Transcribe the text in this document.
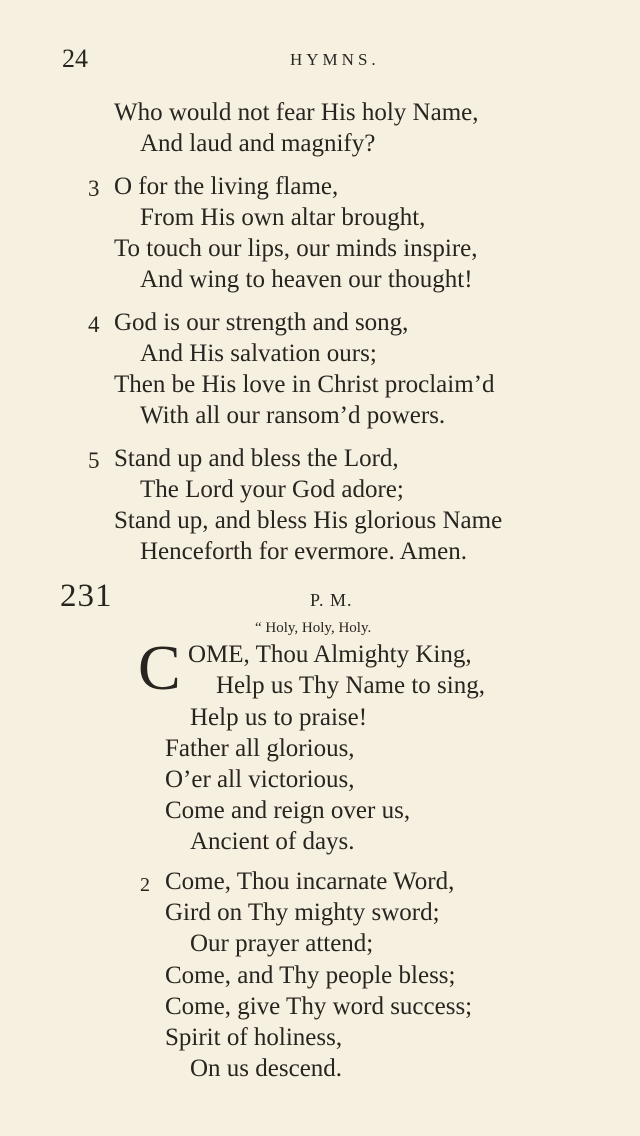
24	HYMNS.
Who would not fear His holy Name,
And laud and magnify?
3 O for the living flame,
From His own altar brought,
To touch our lips, our minds inspire,
And wing to heaven our thought!
4 God is our strength and song,
And His salvation ours;
Then be His love in Christ proclaim’d
With all our ransom’d powers.
5 Stand up and bless the Lord,
The Lord your God adore;
Stand up, and bless His glorious Name
Henceforth for evermore. Amen.
231	P. M.
“ Holy, Holy, Holy.
C OME, Thou Almighty King,
Help us Thy Name to sing,
Help us to praise!
Father all glorious,
O’er all victorious,
Come and reign over us,
Ancient of days.
2 Come, Thou incarnate Word,
Gird on Thy mighty sword;
Our prayer attend;
Come, and Thy people bless;
Come, give Thy word success;
Spirit of holiness,
On us descend.
